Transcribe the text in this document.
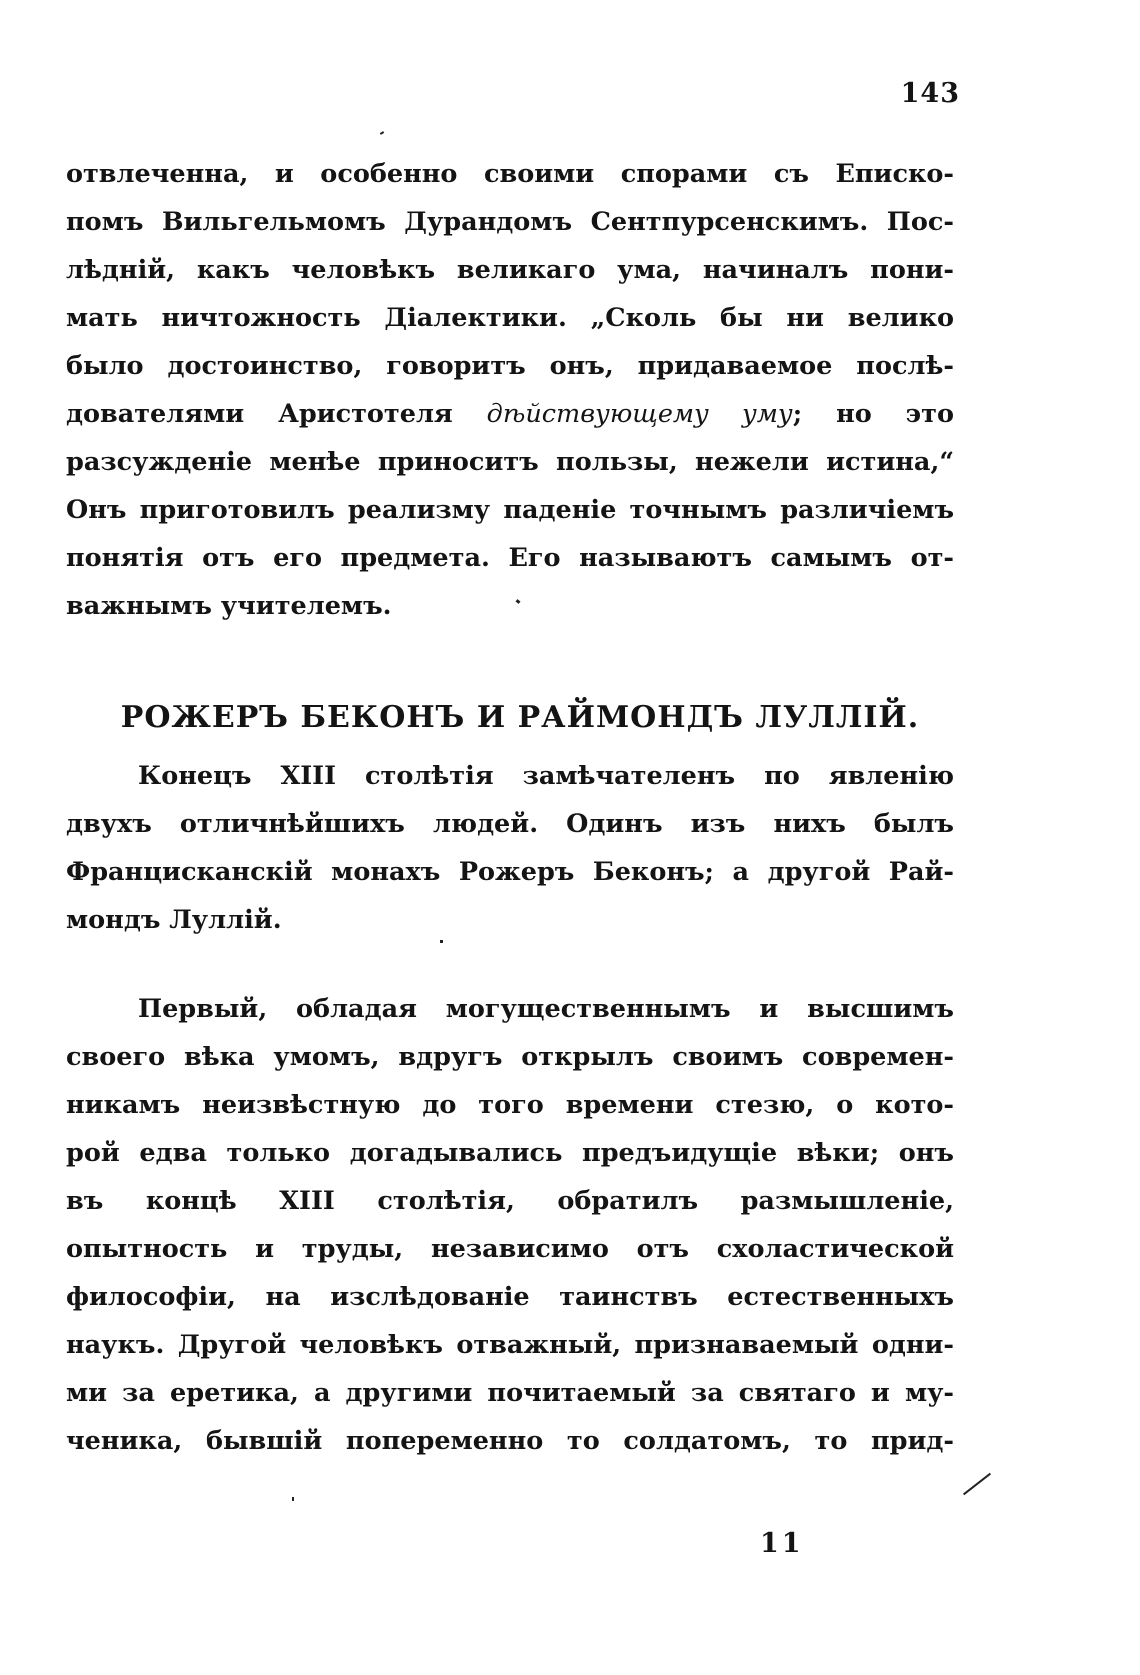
143
отвлеченна, и особенно своими спорами съ Еписко-
помъ Вильгельмомъ Дурандомъ Сентпурсенскимъ. Пос-
лѣдній, какъ человѣкъ великаго ума, начиналъ пони-
мать ничтожность Діалектики. „Сколь бы ни велико
было достоинство, говоритъ онъ, придаваемое послѣ-
дователями Аристотеля дѣйствующему уму; но это
разсужденіе менѣе приноситъ пользы, нежели истина,“
Онъ приготовилъ реализму паденіе точнымъ различіемъ
понятія отъ его предмета. Его называютъ самымъ от-
важнымъ учителемъ.
РОЖЕРЪ БЕКОНЪ И РАЙМОНДЪ ЛУЛЛІЙ.
Конецъ XIII столѣтія замѣчателенъ по явленію
двухъ отличнѣйшихъ людей. Одинъ изъ нихъ былъ
Францисканскій монахъ Рожеръ Беконъ; а другой Рай-
мондъ Луллій.
Первый, обладая могущественнымъ и высшимъ
своего вѣка умомъ, вдругъ открылъ своимъ современ-
никамъ неизвѣстную до того времени стезю, о кото-
рой едва только догадывались предъидущіе вѣки; онъ
въ концѣ XIII столѣтія, обратилъ размышленіе,
опытность и труды, независимо отъ схоластической
философіи, на изслѣдованіе таинствъ естественныхъ
наукъ. Другой человѣкъ отважный, признаваемый одни-
ми за еретика, а другими почитаемый за святаго и му-
ченика, бывшій попеременно то солдатомъ, то прид-
11
